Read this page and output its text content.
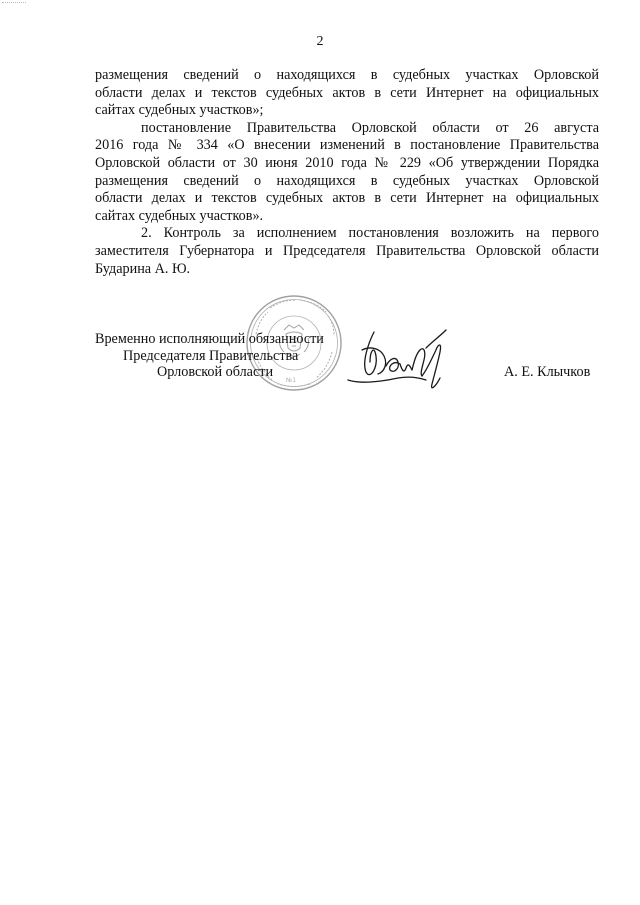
2

размещения сведений о находящихся в судебных участках Орловской
области делах и текстов судебных актов в сети Интернет на официальных
сайтах судебных участков»;

постановление Правительства Орловской области от 26 августа
2016 года № 334 «О внесении изменений в постановление Правительства
Орловской области от 30 июня 2010 года № 229 «Об утверждении Порядка
размещения сведений о находящихся в судебных участках Орловской
области делах и текстов судебных актов в сети Интернет на официальных
сайтах судебных участков».

2. Контроль за исполнением постановления возложить на первого
заместителя Губернатора и Председателя Правительства Орловской области
Бударина А. Ю.

№1
Временно исполняющий обязанности
Председателя Правительства
Орловской области	А. Е. Клычков
